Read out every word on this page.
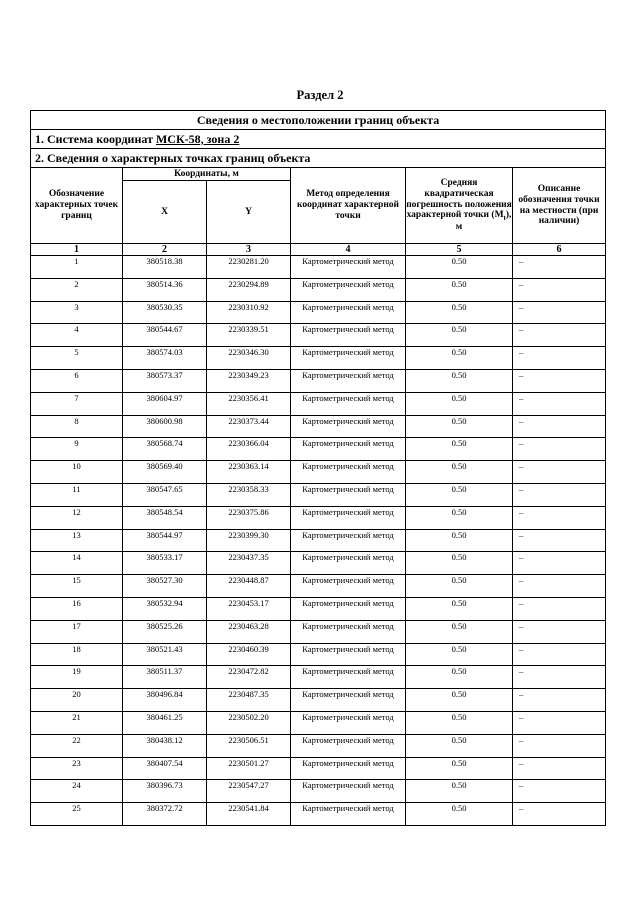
Раздел 2
Сведения о местоположении границ объекта					
1. Система координат МСК-58, зона 2					
2. Сведения о характерных точках границ объекта					
Обозначение характерных точек границ	Координаты, м		Метод определения координат характерной точки	Средняя квадратическая погрешность положения характерной точки $(M_t)$, м	Описание обозначения точки на местности (при наличии)
	X	Y			
1	2	3	4	5	6
1	380518.38	2230281.20	Картометрический метод	0.50	–
2	380514.36	2230294.89	Картометрический метод	0.50	–
3	380530.35	2230310.92	Картометрический метод	0.50	–
4	380544.67	2230339.51	Картометрический метод	0.50	–
5	380574.03	2230346.30	Картометрический метод	0.50	–
6	380573.37	2230349.23	Картометрический метод	0.50	–
7	380604.97	2230356.41	Картометрический метод	0.50	–
8	380600.98	2230373.44	Картометрический метод	0.50	–
9	380568.74	2230366.04	Картометрический метод	0.50	–
10	380569.40	2230363.14	Картометрический метод	0.50	–
11	380547.65	2230358.33	Картометрический метод	0.50	–
12	380548.54	2230375.86	Картометрический метод	0.50	–
13	380544.97	2230399.30	Картометрический метод	0.50	–
14	380533.17	2230437.35	Картометрический метод	0.50	–
15	380527.30	2230448.87	Картометрический метод	0.50	–
16	380532.94	2230453.17	Картометрический метод	0.50	–
17	380525.26	2230463.28	Картометрический метод	0.50	–
18	380521.43	2230460.39	Картометрический метод	0.50	–
19	380511.37	2230472.82	Картометрический метод	0.50	–
20	380496.84	2230487.35	Картометрический метод	0.50	–
21	380461.25	2230502.20	Картометрический метод	0.50	–
22	380438.12	2230506.51	Картометрический метод	0.50	–
23	380407.54	2230501.27	Картометрический метод	0.50	–
24	380396.73	2230547.27	Картометрический метод	0.50	–
25	380372.72	2230541.84	Картометрический метод	0.50	–
